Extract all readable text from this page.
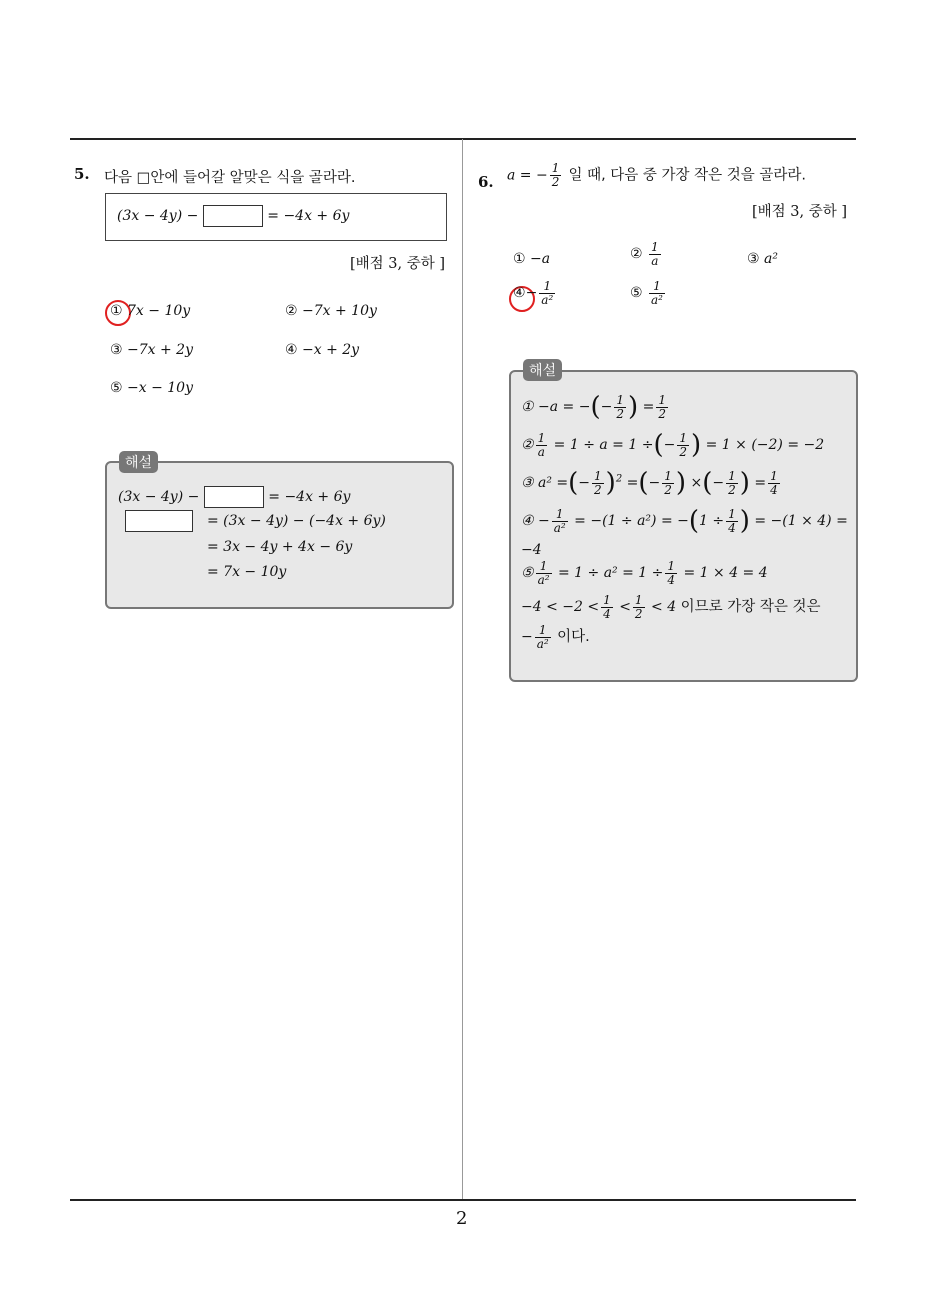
2
5. 다음 □안에 들어갈 알맞은 식을 골라라.
(3x − 4y) −	= −4x + 6y
[배점 3, 중하 ]
① 7x − 10y	② −7x + 10y
③ −7x + 2y	④ −x + 2y
⑤ −x − 10y
해설
(3x − 4y) −	= −4x + 6y
= (3x − 4y) − (−4x + 6y)
= 3x − 4y + 4x − 6y
= 7x − 10y
6. a = − $\frac{1}{2}$ 일 때, 다음 중 가장 작은 것을 골라라.
[배점 3, 중하 ]
① −a	② $\frac{1}{a}$	③ a²
④− $\frac{1}{\text{a²}}$	⑤ $\frac{1}{\text{a²}}$
해설
① −a = −(− $\frac{1}{2}$ ) = $\frac{1}{2}$
② $\frac{1}{a} = 1 \div a = 1$ ÷(− $\frac{1}{2}$ ) = 1 × (−2) = −2
③ a² =(− $\frac{1}{2} )^2$ =(− $\frac{1}{2}$ ) ×(− $\frac{1}{2}$ ) = $\frac{1}{4}$
④ − $\frac{1}{\text{a²}} = -(1 \div a^2) = -(1 \div \frac{1}{4}$ ) = −(1 × 4) =
−4
⑤ $\frac{1}{\text{a²}} = 1 \div a^2 = 1 \div \frac{1}{4} = 1 \times 4 = 4$
$-4 < -2 < \frac{1}{4} < \frac{1}{2} < 4$ 이므로 가장 작은 것은
− $\frac{1}{\text{a²}}$ 이다.
